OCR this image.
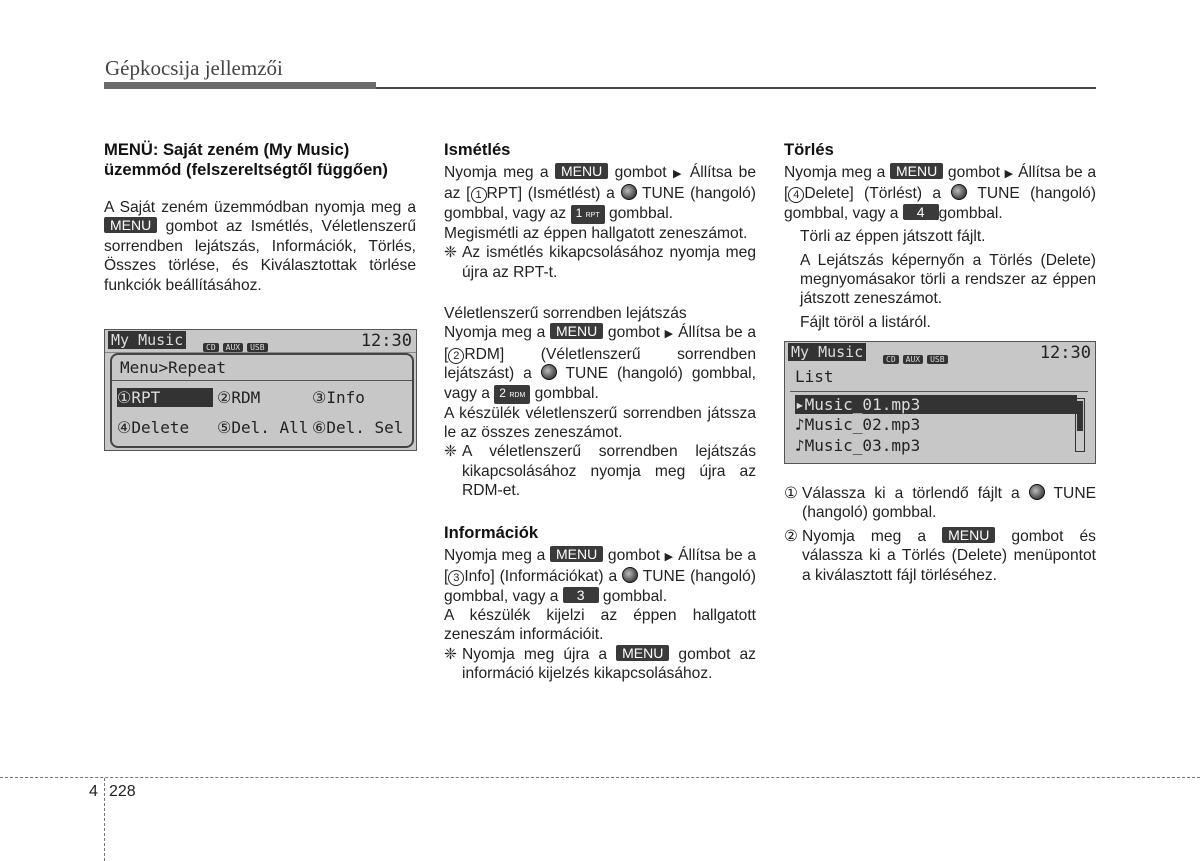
Gépkocsija jellemzői
MENÜ: Saját zeném (My Music) üzemmód (felszereltségtől függően)

A Saját zeném üzemmódban nyomja meg a MENU gombot az Ismétlés, Véletlenszerű sorrendben lejátszás, Információk, Törlés, Összes törlése, és Kiválasztottak törlése funkciók beállításához.

My Music	CD AUX USB	12:30
Menu>Repeat
①RPT	②RDM	③Info
④Delete ⑤Del. All ⑥Del. Sel
Ismétlés

Nyomja meg a MENU gombot ▶ Állítsa be az [ 1 RPT] (Ismétlést) a TUNE (hangoló) gombbal, vagy az 1 RPT gombbal.

Megismétli az éppen hallgatott zeneszámot.

❈ Az ismétlés kikapcsolásához nyomja meg újra az RPT-t.

Véletlenszerű sorrendben lejátszás

Nyomja meg a MENU gombot ▶ Állítsa be a [ 2 RDM] (Véletlenszerű sorrendben lejátszást) a TUNE (hangoló) gombbal, vagy a 2 RDM gombbal.

A készülék véletlenszerű sorrendben játssza le az összes zeneszámot.

❈ A véletlenszerű sorrendben lejátszás kikapcsolásához nyomja meg újra az RDM-et.
Információk

Nyomja meg a MENU gombot ▶ Állítsa be a [ 3 Info] (Információkat) a TUNE (hangoló) gombbal, vagy a 3 gombbal.

A készülék kijelzi az éppen hallgatott zeneszám információit.

❈ Nyomja meg újra a MENU gombot az információ kijelzés kikapcsolásához.
Törlés

Nyomja meg a MENU gombot ▶ Állítsa be a [ 4 Delete] (Törlést) a TUNE (hangoló) gombbal, vagy a 4 gombbal.

Törli az éppen játszott fájlt.

A Lejátszás képernyőn a Törlés (Delete) megnyomásakor törli a rendszer az éppen játszott zeneszámot.

Fájlt töröl a listáról.

My Music	CD AUX USB	12:30
List
▸Music_01.mp3
♪Music_02.mp3
♪Music_03.mp3
① Válassza ki a törlendő fájlt a TUNE (hangoló) gombbal.
② Nyomja meg a MENU gombot és válassza ki a Törlés (Delete) menüpontot a kiválasztott fájl törléséhez.
4 228
